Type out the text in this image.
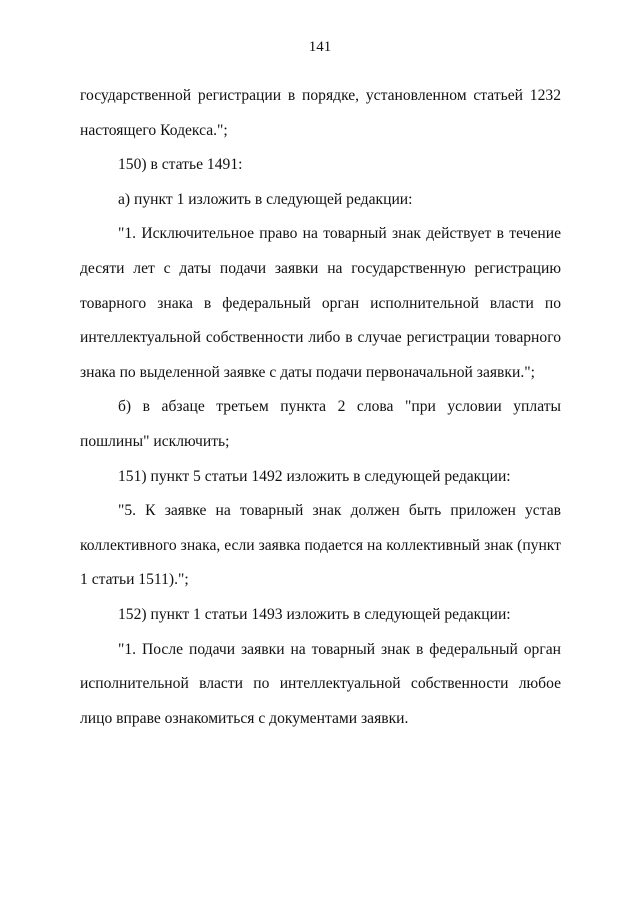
141

государственной регистрации в порядке, установленном статьей 1232 настоящего Кодекса.";

150) в статье 1491:

а) пункт 1 изложить в следующей редакции:

"1. Исключительное право на товарный знак действует в течение десяти лет с даты подачи заявки на государственную регистрацию товарного знака в федеральный орган исполнительной власти по интеллектуальной собственности либо в случае регистрации товарного знака по выделенной заявке с даты подачи первоначальной заявки.";

б) в абзаце третьем пункта 2 слова "при условии уплаты пошлины" исключить;

151) пункт 5 статьи 1492 изложить в следующей редакции:

"5. К заявке на товарный знак должен быть приложен устав коллективного знака, если заявка подается на коллективный знак (пункт 1 статьи 1511).";

152) пункт 1 статьи 1493 изложить в следующей редакции:

"1. После подачи заявки на товарный знак в федеральный орган исполнительной власти по интеллектуальной собственности любое лицо вправе ознакомиться с документами заявки.
